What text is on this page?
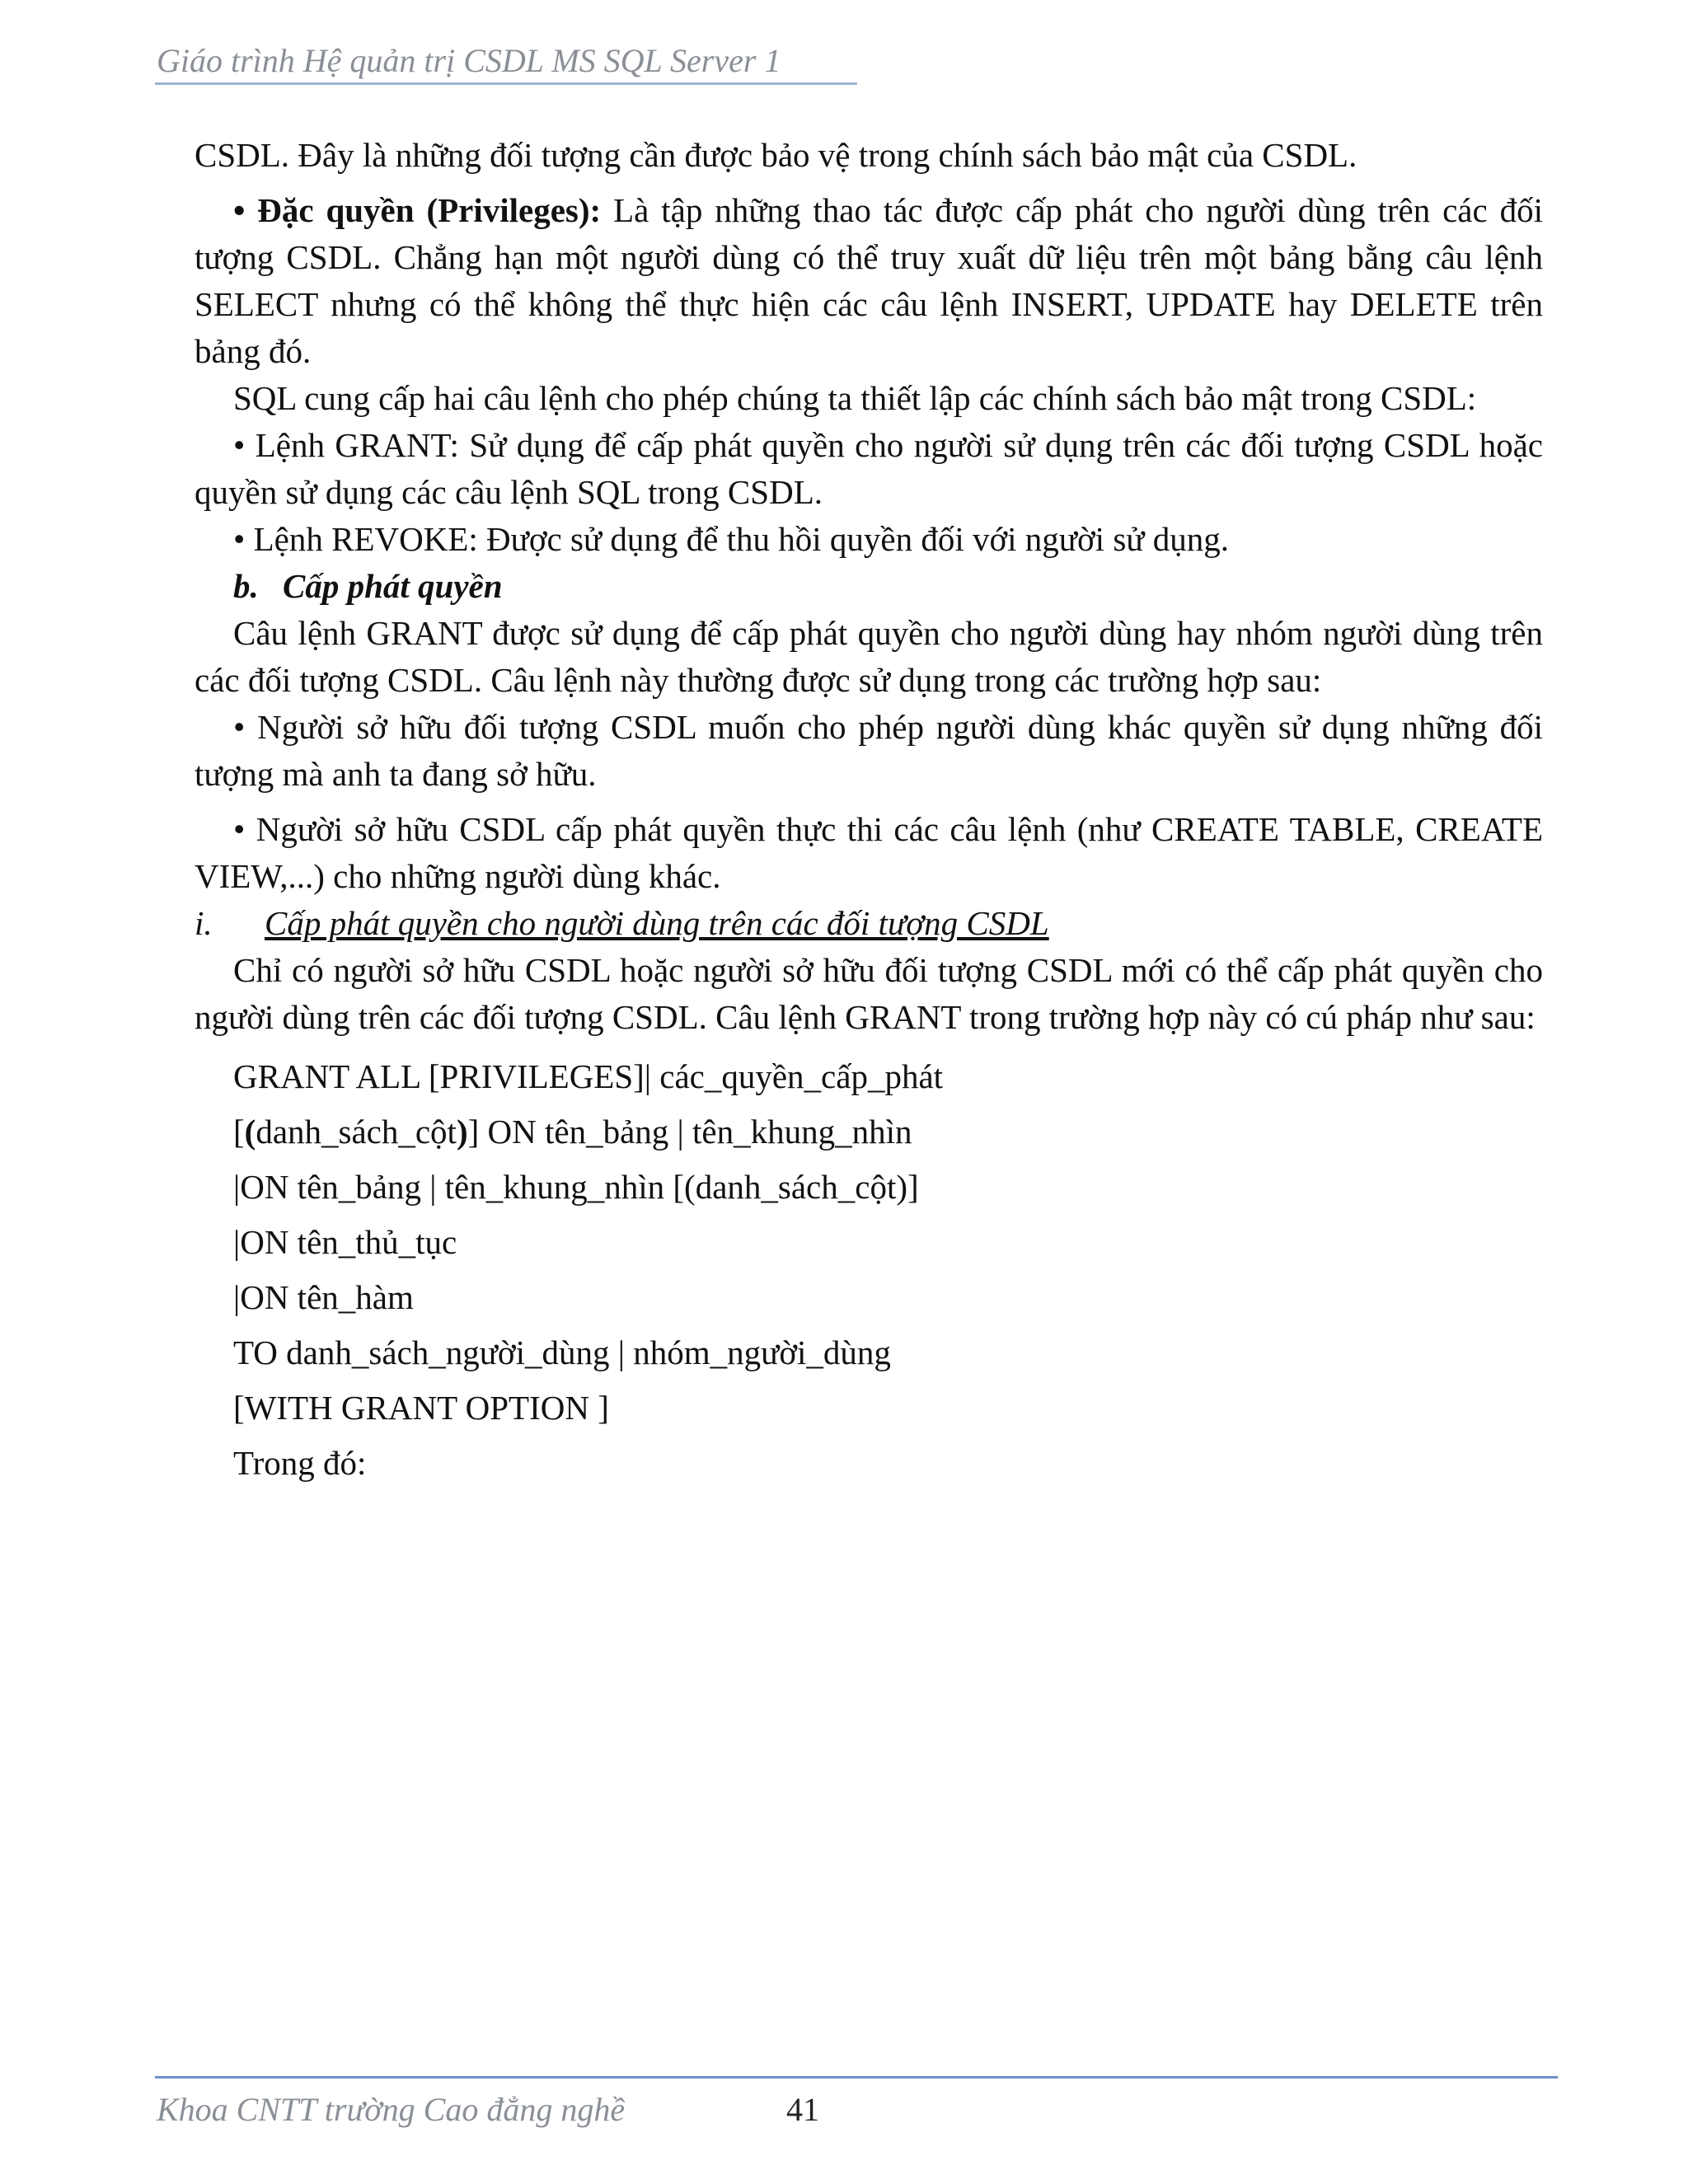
Giáo trình Hệ quản trị CSDL MS SQL Server 1

CSDL. Đây là những đối tượng cần được bảo vệ trong chính sách bảo mật của CSDL.

• Đặc quyền (Privileges): Là tập những thao tác được cấp phát cho người dùng trên các đối tượng CSDL. Chẳng hạn một người dùng có thể truy xuất dữ liệu trên một bảng bằng câu lệnh SELECT nhưng có thể không thể thực hiện các câu lệnh INSERT, UPDATE hay DELETE trên bảng đó.

SQL cung cấp hai câu lệnh cho phép chúng ta thiết lập các chính sách bảo mật trong CSDL:

• Lệnh GRANT: Sử dụng để cấp phát quyền cho người sử dụng trên các đối tượng CSDL hoặc quyền sử dụng các câu lệnh SQL trong CSDL.

• Lệnh REVOKE: Được sử dụng để thu hồi quyền đối với người sử dụng.

b. Cấp phát quyền

Câu lệnh GRANT được sử dụng để cấp phát quyền cho người dùng hay nhóm người dùng trên các đối tượng CSDL. Câu lệnh này thường được sử dụng trong các trường hợp sau:

• Người sở hữu đối tượng CSDL muốn cho phép người dùng khác quyền sử dụng những đối tượng mà anh ta đang sở hữu.

• Người sở hữu CSDL cấp phát quyền thực thi các câu lệnh (như CREATE TABLE, CREATE VIEW,...) cho những người dùng khác.

i. Cấp phát quyền cho người dùng trên các đối tượng CSDL

Chỉ có người sở hữu CSDL hoặc người sở hữu đối tượng CSDL mới có thể cấp phát quyền cho người dùng trên các đối tượng CSDL. Câu lệnh GRANT trong trường hợp này có cú pháp như sau:

GRANT ALL [PRIVILEGES]| các_quyền_cấp_phát

[(danh_sách_cột)] ON tên_bảng | tên_khung_nhìn

|ON tên_bảng | tên_khung_nhìn [(danh_sách_cột)]

|ON tên_thủ_tục

|ON tên_hàm

TO danh_sách_người_dùng | nhóm_người_dùng

[WITH GRANT OPTION ]

Trong đó:

Khoa CNTT trường Cao đẳng nghề	41
